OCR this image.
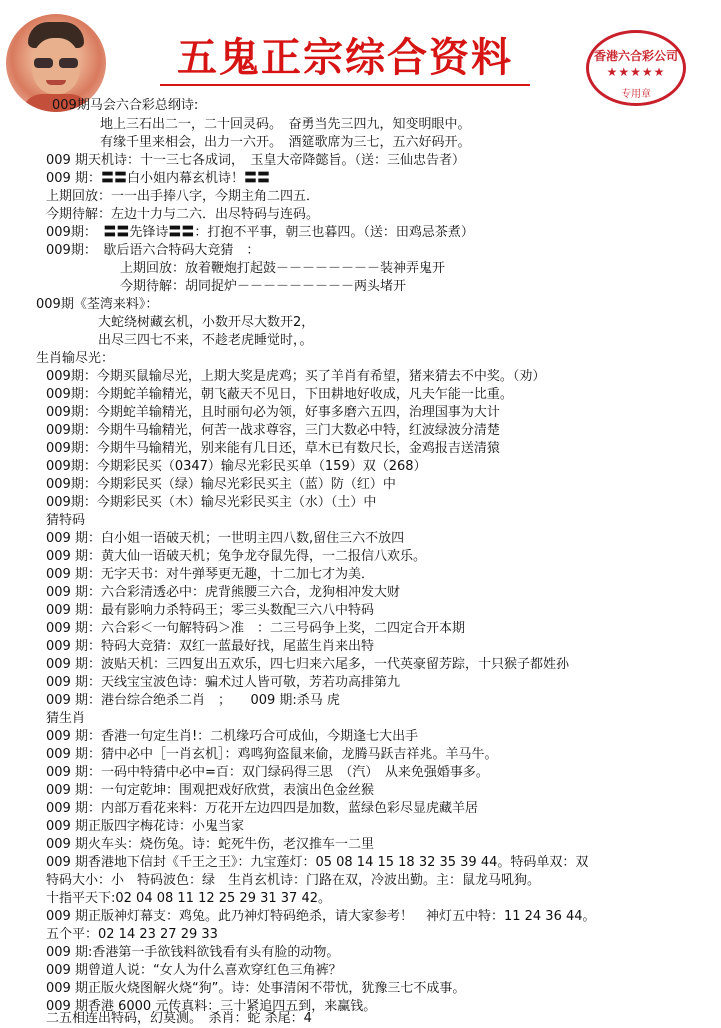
五鬼正宗综合资料	香港六合彩公司
★★★★★
专用章
009期马会六合彩总纲诗:
地上三石出二一，二十回灵码。　奋勇当先三四九，知变明眼中。
有缘千里来相会，出力一六开。　酒筵歌席为三七，五六好码开。
009 期天机诗：十一三七各成词，　玉皇大帝降懿旨。（送：三仙忠告者）
009 期：〓〓白小姐内幕玄机诗！〓〓
上期回放：一一出手捧八字，今期主角二四五．
今期待解：左边十力与二六．出尽特码与连码。
009期：　〓〓先锋诗〓〓：打抱不平事，朝三也暮四。（送：田鸡忌茶煮）
009期：　歇后语六合特码大竞猜　：
上期回放：放着鞭炮打起鼓－－－－－－－－装神弄鬼开
今期待解：胡同捉炉－－－－－－－－－两头堵开
009期《荃湾来料》：
大蛇绕树藏玄机，小数开尽大数开2，
出尽三四七不来，不趁老虎睡觉时，。
生肖输尽光：
009期：今期买鼠输尽光，上期大奖是虎鸡；买了羊肖有希望，猪来猜去不中奖。（劝）
009期：今期蛇羊输精光，朝飞蔽天不见日，下田耕地好收成，凡夫乍能一比重。
009期：今期蛇羊输精光，且时丽句必为领，好事多磨六五四，治理国事为大计
009期：今期牛马输精光，何苦一战求尊容，三门大数必中特，红波绿波分清楚
009期：今期牛马输精光，别来能有几日还，草木已有数尺长，金鸡报吉送清猿
009期：今期彩民买（0347）输尽光彩民买单（159）双（268）
009期：今期彩民买（绿）输尽光彩民买主（蓝）防（红）中
009期：今期彩民买（木）输尽光彩民买主（水）（土）中
猜特码
009 期：白小姐一语破天机；一世明主四八数,留住三六不放四
009 期：黄大仙一语破天机；兔争龙夺鼠先得，一二报信八欢乐。
009 期：无字天书：对牛弹琴更无趣，十二加七才为美．
009 期：六合彩清透必中：虎背熊腰三六合，龙狗相冲发大财
009 期：最有影响力杀特码王；零三头数配三六八中特码
009 期：六合彩＜一句解特码＞准　：二三号码争上奖，二四定合开本期
009 期：特码大竞猜：双红一蓝最好找，尾蓝生肖来出特
009 期：波贴天机：三四复出五欢乐，四七归来六尾多，一代英豪留芳踪，十只猴子都姓孙
009 期：天线宝宝波色诗：骗术过人皆可敬，芳若功高排第九
009 期：港台综合绝杀二肖　；　　009 期:杀马 虎
猜生肖
009 期：香港一句定生肖!：二机缘巧合可成仙，今期逢七大出手
009 期：猜中必中［一肖玄机］：鸡鸣狗盗鼠来偷，龙腾马跃吉祥兆。羊马牛。
009 期：一码中特猜中必中=百：双门绿码得三思　（汽）　从来免强婚事多。
009 期：一句定乾坤：围观把戏好欣赏，表演出色金丝猴
009 期：内部万看花来料：万花开左边四四是加数，蓝绿色彩尽显虎藏羊居
009 期正版四字梅花诗：小鬼当家
009 期火车头：烧伤兔。诗：蛇死牛伤，老汉推车一二里
009 期香港地下信封《千王之王》：九宝莲灯：05 08 14 15 18 32 35 39 44。特码单双：双
特码大小：小　特码波色：绿　生肖玄机诗：门路在双，冷波出勤。主：鼠龙马吼狗。
十指平天下:02 04 08 11 12 25 29 31 37 42。
009 期正版神灯幕支：鸡兔。此乃神灯特码绝杀，请大家参考！　神灯五中特：11 24 36 44。
五个平：02 14 23 27 29 33
009 期:香港第一手欲钱料欲钱看有头有脸的动物。
009 期曾道人说：“女人为什么喜欢穿红色三角裤？
009 期正版火烧图解火烧“狗”。诗：处事清闲不带忧，犹豫三七不成事。
009 期香港 6000 元传真料：三十紧追四五到，来赢钱。
二五相连出特码，幻莫测。　杀肖：蛇 杀尾：4
